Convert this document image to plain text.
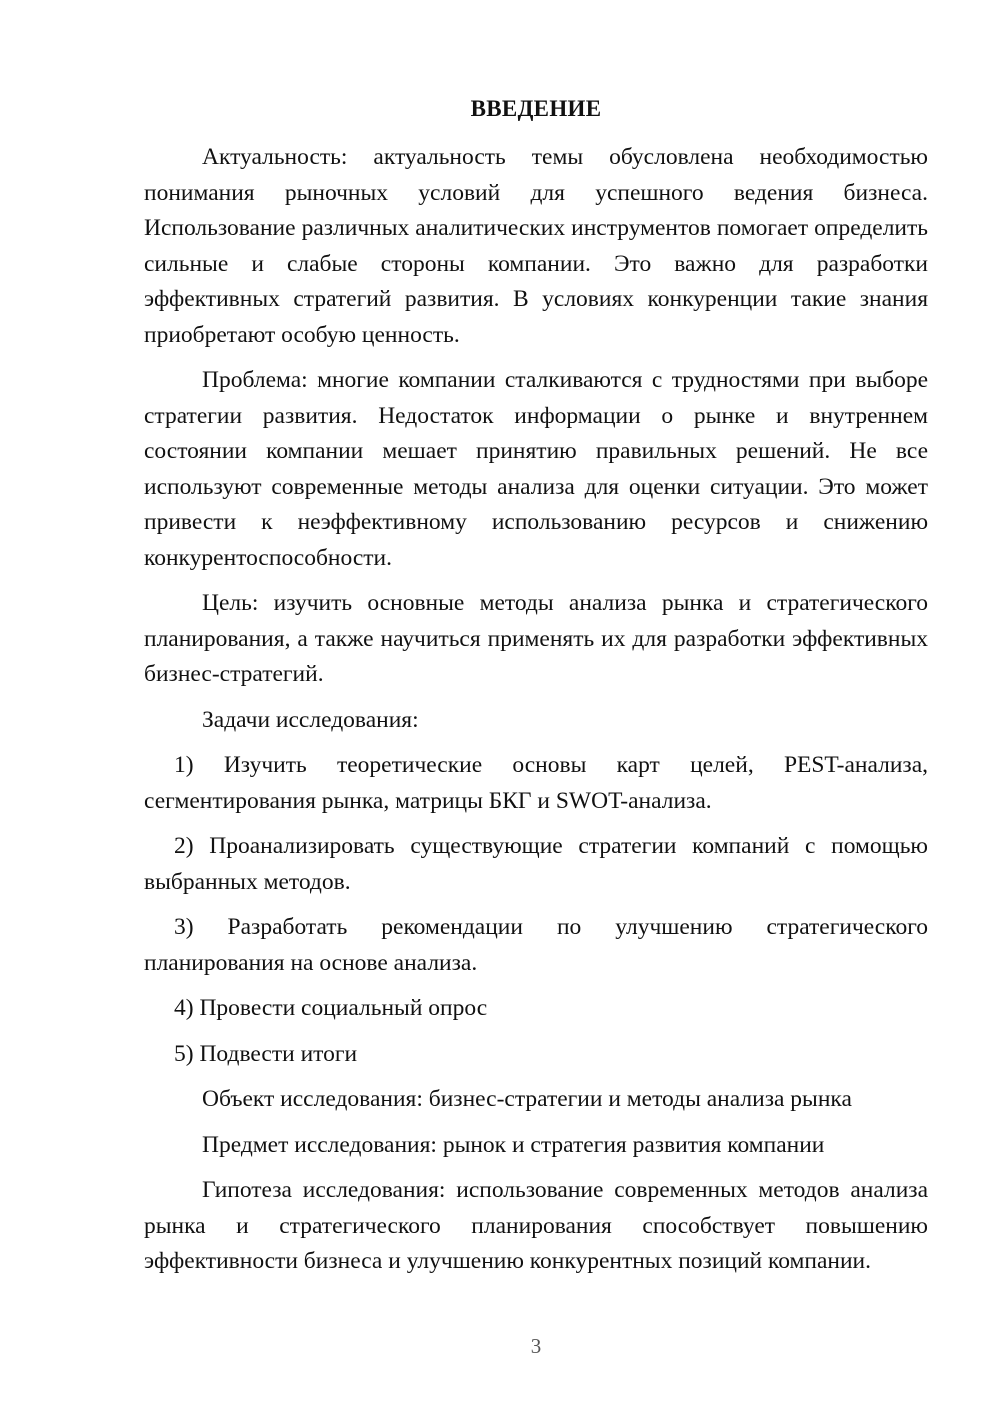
ВВЕДЕНИЕ

Актуальность: актуальность темы обусловлена необходимостью понимания рыночных условий для успешного ведения бизнеса. Использование различных аналитических инструментов помогает определить сильные и слабые стороны компании. Это важно для разработки эффективных стратегий развития. В условиях конкуренции такие знания приобретают особую ценность.

Проблема: многие компании сталкиваются с трудностями при выборе стратегии развития. Недостаток информации о рынке и внутреннем состоянии компании мешает принятию правильных решений. Не все используют современные методы анализа для оценки ситуации. Это может привести к неэффективному использованию ресурсов и снижению конкурентоспособности.

Цель: изучить основные методы анализа рынка и стратегического планирования, а также научиться применять их для разработки эффективных бизнес-стратегий.

Задачи исследования:

1) Изучить теоретические основы карт целей, PEST-анализа, сегментирования рынка, матрицы БКГ и SWOT-анализа.

2) Проанализировать существующие стратегии компаний с помощью выбранных методов.

3) Разработать рекомендации по улучшению стратегического планирования на основе анализа.

4) Провести социальный опрос

5) Подвести итоги

Объект исследования: бизнес-стратегии и методы анализа рынка

Предмет исследования: рынок и стратегия развития компании

Гипотеза исследования: использование современных методов анализа рынка и стратегического планирования способствует повышению эффективности бизнеса и улучшению конкурентных позиций компании.

3
